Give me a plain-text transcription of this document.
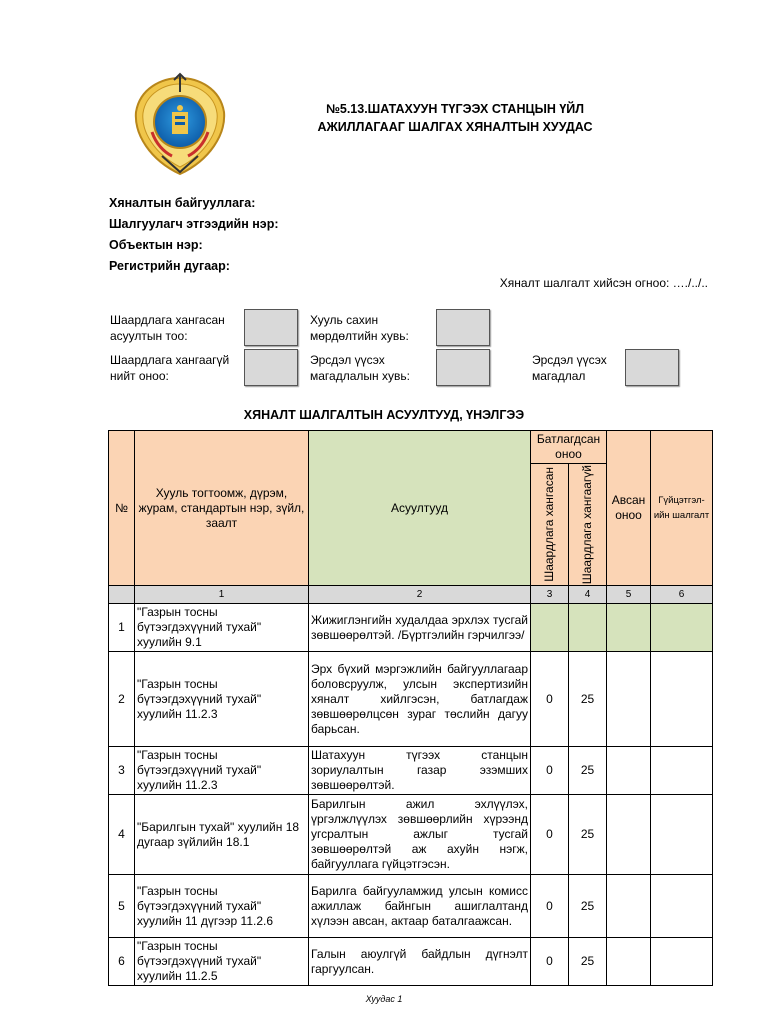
№5.13.ШАТАХУУН ТҮГЭЭХ СТАНЦЫН ҮЙЛ
АЖИЛЛАГААГ ШАЛГАХ ХЯНАЛТЫН ХУУДАС
Хяналтын байгууллага:
Шалгуулагч этгээдийн нэр:
Объектын нэр:
Регистрийн дугаар:
Хяналт шалгалт хийсэн огноо: …./../..
Шаардлага хангасан асуултын тоо:
Хууль сахин мөрдөлтийн хувь:
Шаардлага хангаагүй нийт оноо:
Эрсдэл үүсэх магадлалын хувь:
Эрсдэл үүсэх магадлал
ХЯНАЛТ ШАЛГАЛТЫН АСУУЛТУУД, ҮНЭЛГЭЭ
№	Хууль тогтоомж, дүрэм, журам, стандартын нэр, зүйл, заалт	Асуултууд	Батлагдсан оноо		Авсан оноо	Гүйцэтгэл-ийн шалгалт

			Шаардлага хангасан	Шаардлага хангаагүй		

	1	2	3	4	5	6
1	"Газрын тосны бүтээгдэхүүний тухай" хуулийн 9.1	Жижиглэнгийн худалдаа эрхлэх тусгай зөвшөөрөлтэй. /Бүртгэлийн гэрчилгээ/				
2	"Газрын тосны бүтээгдэхүүний тухай" хуулийн 11.2.3	Эрх бүхий мэргэжлийн байгууллагаар боловсруулж, улсын экспертизийн хяналт хийлгэсэн, батлагдаж зөвшөөрөлцсөн зураг төслийн дагуу барьсан.	0	25		
3	"Газрын тосны бүтээгдэхүүний тухай" хуулийн 11.2.3	Шатахуун түгээх станцын зориулалтын газар эзэмших зөвшөөрөлтэй.	0	25		
4	"Барилгын тухай" хуулийн 18 дугаар зүйлийн 18.1	Барилгын ажил эхлүүлэх, үргэлжлүүлэх зөвшөөрлийн хүрээнд угсралтын ажлыг тусгай зөвшөөрөлтэй аж ахуйн нэгж, байгууллага гүйцэтгэсэн.	0	25		
5	"Газрын тосны бүтээгдэхүүний тухай" хуулийн 11 дүгээр 11.2.6	Барилга байгууламжид улсын комисс ажиллаж байнгын ашиглалтанд хүлээн авсан, актаар баталгаажсан.	0	25		
6	"Газрын тосны бүтээгдэхүүний тухай" хуулийн 11.2.5	Галын аюулгүй байдлын дүгнэлт гаргуулсан.	0	25		
Хуудас 1
